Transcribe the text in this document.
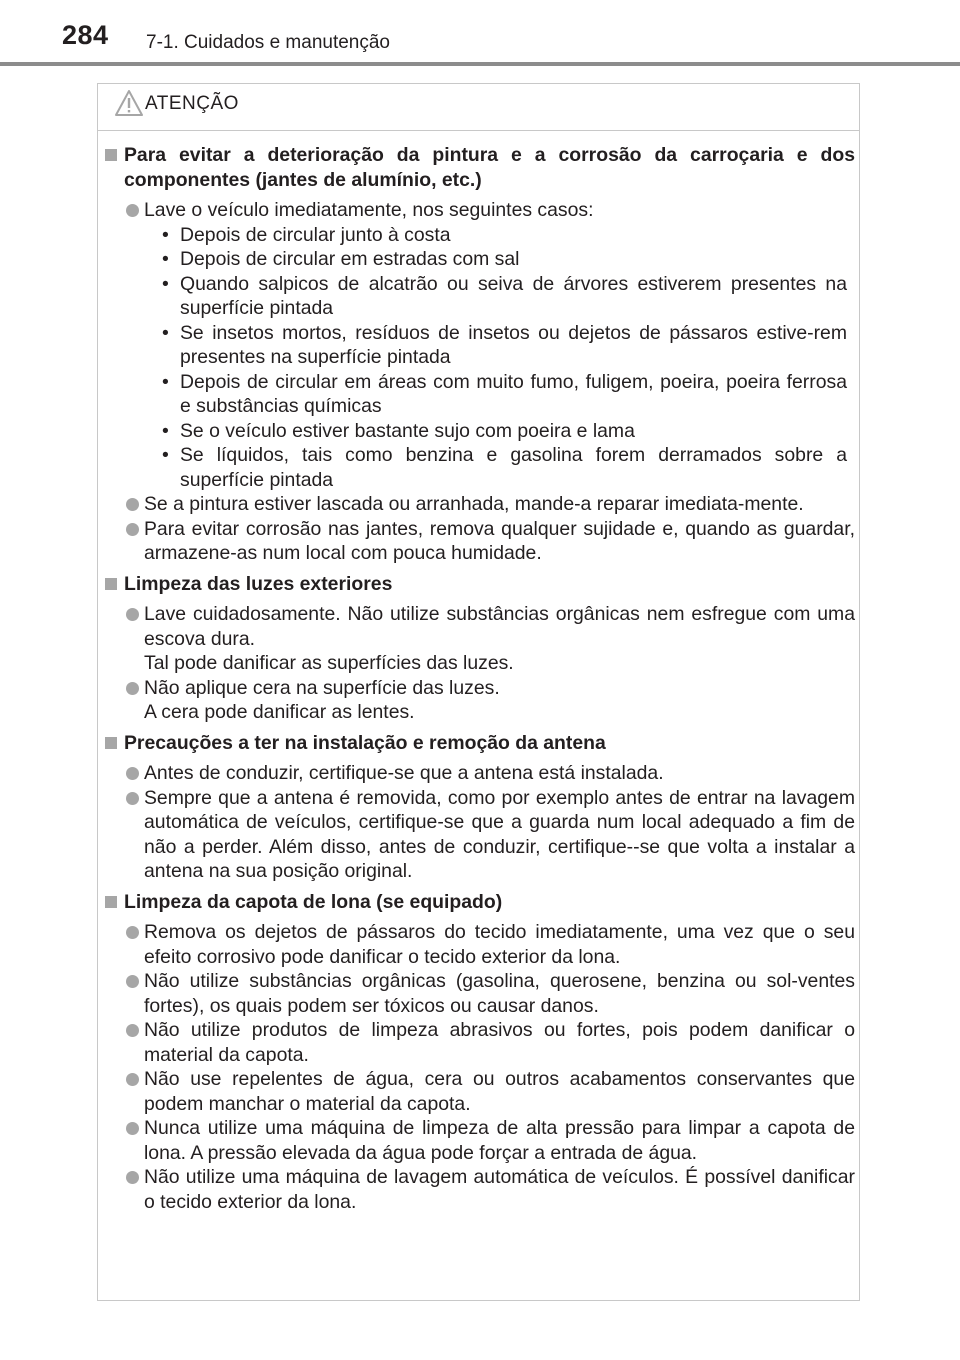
284 7-1. Cuidados e manutenção
ATENÇÃO
Para evitar a deterioração da pintura e a corrosão da carroçaria e dos componentes (jantes de alumínio, etc.)
Lave o veículo imediatamente, nos seguintes casos:
• Depois de circular junto à costa
• Depois de circular em estradas com sal
• Quando salpicos de alcatrão ou seiva de árvores estiverem presentes na superfície pintada
• Se insetos mortos, resíduos de insetos ou dejetos de pássaros estive-rem presentes na superfície pintada
• Depois de circular em áreas com muito fumo, fuligem, poeira, poeira ferrosa e substâncias químicas
• Se o veículo estiver bastante sujo com poeira e lama
• Se líquidos, tais como benzina e gasolina forem derramados sobre a superfície pintada
Se a pintura estiver lascada ou arranhada, mande-a reparar imediata-mente.
Para evitar corrosão nas jantes, remova qualquer sujidade e, quando as guardar, armazene-as num local com pouca humidade.
Limpeza das luzes exteriores
Lave cuidadosamente. Não utilize substâncias orgânicas nem esfregue com uma escova dura.
Tal pode danificar as superfícies das luzes.
Não aplique cera na superfície das luzes.
A cera pode danificar as lentes.
Precauções a ter na instalação e remoção da antena
Antes de conduzir, certifique-se que a antena está instalada.
Sempre que a antena é removida, como por exemplo antes de entrar na lavagem automática de veículos, certifique-se que a guarda num local adequado a fim de não a perder. Além disso, antes de conduzir, certifique--se que volta a instalar a antena na sua posição original.
Limpeza da capota de lona (se equipado)
Remova os dejetos de pássaros do tecido imediatamente, uma vez que o seu efeito corrosivo pode danificar o tecido exterior da lona.
Não utilize substâncias orgânicas (gasolina, querosene, benzina ou sol-ventes fortes), os quais podem ser tóxicos ou causar danos.
Não utilize produtos de limpeza abrasivos ou fortes, pois podem danificar o material da capota.
Não use repelentes de água, cera ou outros acabamentos conservantes que podem manchar o material da capota.
Nunca utilize uma máquina de limpeza de alta pressão para limpar a capota de lona. A pressão elevada da água pode forçar a entrada de água.
Não utilize uma máquina de lavagem automática de veículos. É possível danificar o tecido exterior da lona.
